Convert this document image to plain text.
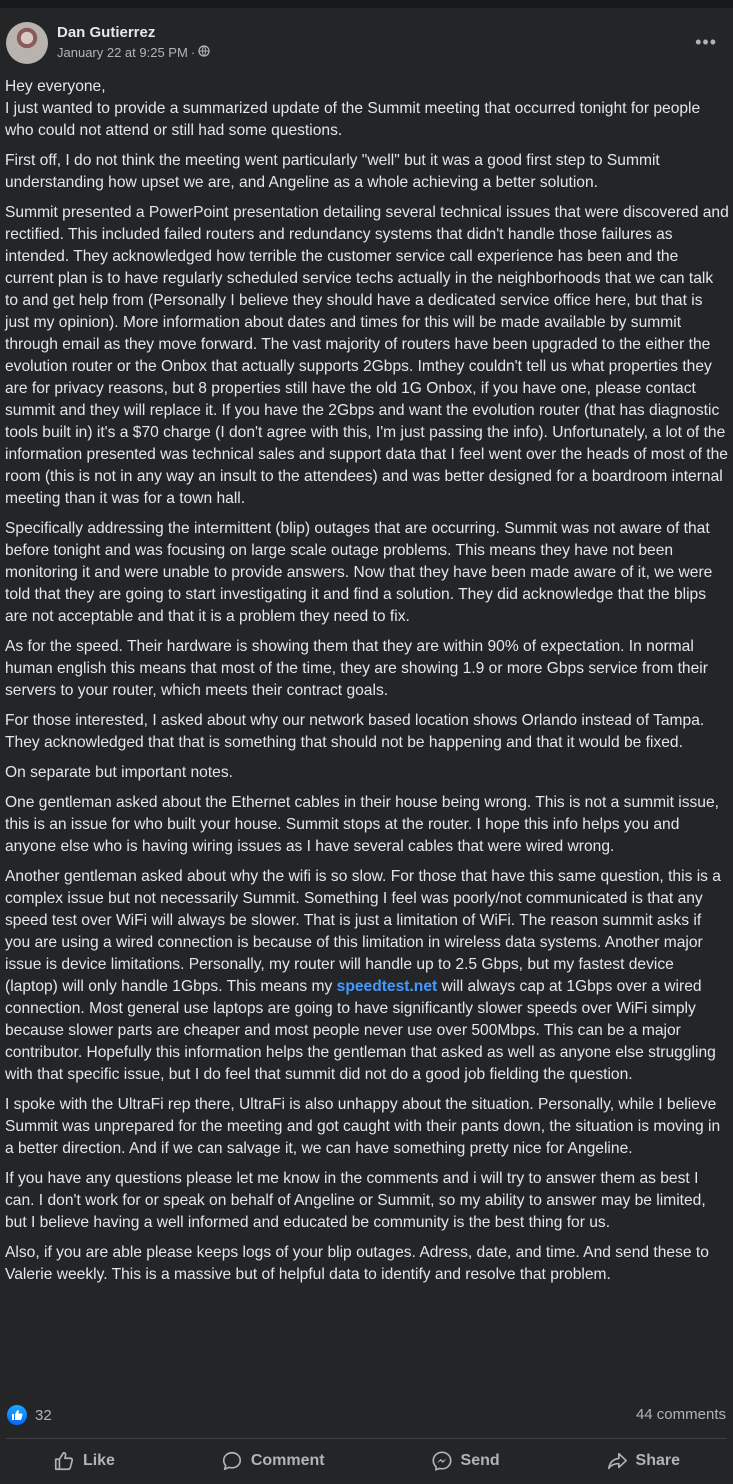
Dan Gutierrez
January 22 at 9:25 PM ·
•••

Hey everyone,
I just wanted to provide a summarized update of the Summit meeting that occurred tonight for people who could not attend or still had some questions.

First off, I do not think the meeting went particularly "well" but it was a good first step to Summit understanding how upset we are, and Angeline as a whole achieving a better solution.

Summit presented a PowerPoint presentation detailing several technical issues that were discovered and rectified. This included failed routers and redundancy systems that didn't handle those failures as intended. They acknowledged how terrible the customer service call experience has been and the current plan is to have regularly scheduled service techs actually in the neighborhoods that we can talk to and get help from (Personally I believe they should have a dedicated service office here, but that is just my opinion). More information about dates and times for this will be made available by summit through email as they move forward. The vast majority of routers have been upgraded to the either the evolution router or the Onbox that actually supports 2Gbps. Imthey couldn't tell us what properties they are for privacy reasons, but 8 properties still have the old 1G Onbox, if you have one, please contact summit and they will replace it. If you have the 2Gbps and want the evolution router (that has diagnostic tools built in) it's a $70 charge (I don't agree with this, I'm just passing the info). Unfortunately, a lot of the information presented was technical sales and support data that I feel went over the heads of most of the room (this is not in any way an insult to the attendees) and was better designed for a boardroom internal meeting than it was for a town hall.

Specifically addressing the intermittent (blip) outages that are occurring. Summit was not aware of that before tonight and was focusing on large scale outage problems. This means they have not been monitoring it and were unable to provide answers. Now that they have been made aware of it, we were told that they are going to start investigating it and find a solution. They did acknowledge that the blips are not acceptable and that it is a problem they need to fix.

As for the speed. Their hardware is showing them that they are within 90% of expectation. In normal human english this means that most of the time, they are showing 1.9 or more Gbps service from their servers to your router, which meets their contract goals.

For those interested, I asked about why our network based location shows Orlando instead of Tampa. They acknowledged that that is something that should not be happening and that it would be fixed.

On separate but important notes.

One gentleman asked about the Ethernet cables in their house being wrong. This is not a summit issue, this is an issue for who built your house. Summit stops at the router. I hope this info helps you and anyone else who is having wiring issues as I have several cables that were wired wrong.

Another gentleman asked about why the wifi is so slow. For those that have this same question, this is a complex issue but not necessarily Summit. Something I feel was poorly/not communicated is that any speed test over WiFi will always be slower. That is just a limitation of WiFi. The reason summit asks if you are using a wired connection is because of this limitation in wireless data systems. Another major issue is device limitations. Personally, my router will handle up to 2.5 Gbps, but my fastest device (laptop) will only handle 1Gbps. This means my speedtest.net will always cap at 1Gbps over a wired connection. Most general use laptops are going to have significantly slower speeds over WiFi simply because slower parts are cheaper and most people never use over 500Mbps. This can be a major contributor. Hopefully this information helps the gentleman that asked as well as anyone else struggling with that specific issue, but I do feel that summit did not do a good job fielding the question.

I spoke with the UltraFi rep there, UltraFi is also unhappy about the situation. Personally, while I believe Summit was unprepared for the meeting and got caught with their pants down, the situation is moving in a better direction. And if we can salvage it, we can have something pretty nice for Angeline.

If you have any questions please let me know in the comments and i will try to answer them as best I can. I don't work for or speak on behalf of Angeline or Summit, so my ability to answer may be limited, but I believe having a well informed and educated be community is the best thing for us.

Also, if you are able please keeps logs of your blip outages. Adress, date, and time. And send these to Valerie weekly. This is a massive but of helpful data to identify and resolve that problem.

32	44 comments
Like	Comment	Send	Share
